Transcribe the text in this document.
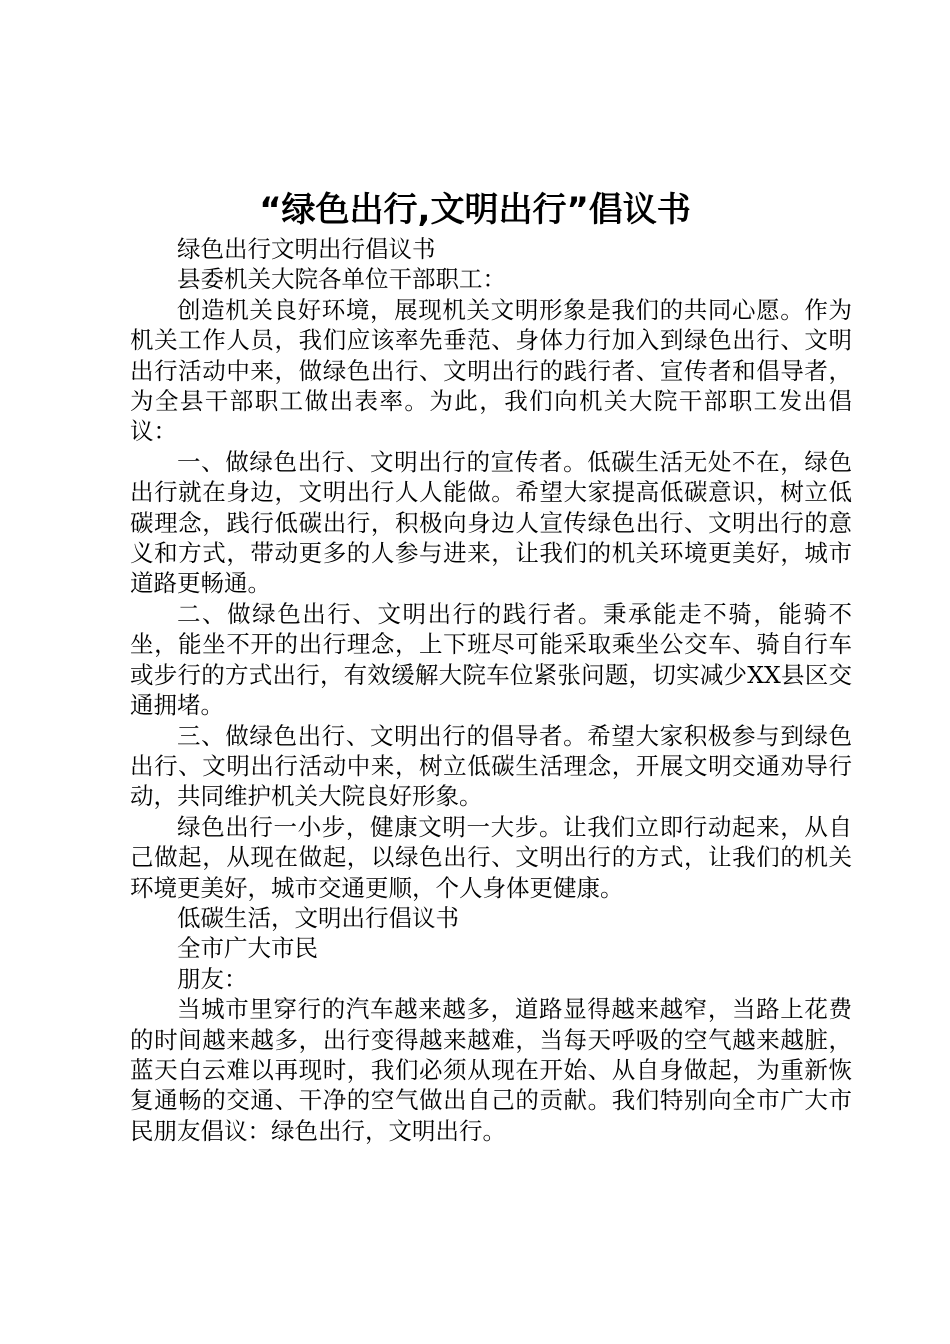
“绿色出行,文明出行”倡议书

绿色出行文明出行倡议书

县委机关大院各单位干部职工：

创造机关良好环境，展现机关文明形象是我们的共同心愿。作为机关工作人员，我们应该率先垂范、身体力行加入到绿色出行、文明出行活动中来，做绿色出行、文明出行的践行者、宣传者和倡导者，为全县干部职工做出表率。为此，我们向机关大院干部职工发出倡议：

一、做绿色出行、文明出行的宣传者。低碳生活无处不在，绿色出行就在身边，文明出行人人能做。希望大家提高低碳意识，树立低碳理念，践行低碳出行，积极向身边人宣传绿色出行、文明出行的意义和方式，带动更多的人参与进来，让我们的机关环境更美好，城市道路更畅通。

二、做绿色出行、文明出行的践行者。秉承能走不骑，能骑不坐，能坐不开的出行理念，上下班尽可能采取乘坐公交车、骑自行车或步行的方式出行，有效缓解大院车位紧张问题，切实减少XX县区交通拥堵。

三、做绿色出行、文明出行的倡导者。希望大家积极参与到绿色出行、文明出行活动中来，树立低碳生活理念，开展文明交通劝导行动，共同维护机关大院良好形象。

绿色出行一小步，健康文明一大步。让我们立即行动起来，从自己做起，从现在做起，以绿色出行、文明出行的方式，让我们的机关环境更美好，城市交通更顺，个人身体更健康。

低碳生活，文明出行倡议书

全市广大市民

朋友：

当城市里穿行的汽车越来越多，道路显得越来越窄，当路上花费的时间越来越多，出行变得越来越难，当每天呼吸的空气越来越脏，蓝天白云难以再现时，我们必须从现在开始、从自身做起，为重新恢复通畅的交通、干净的空气做出自己的贡献。我们特别向全市广大市民朋友倡议：绿色出行，文明出行。
